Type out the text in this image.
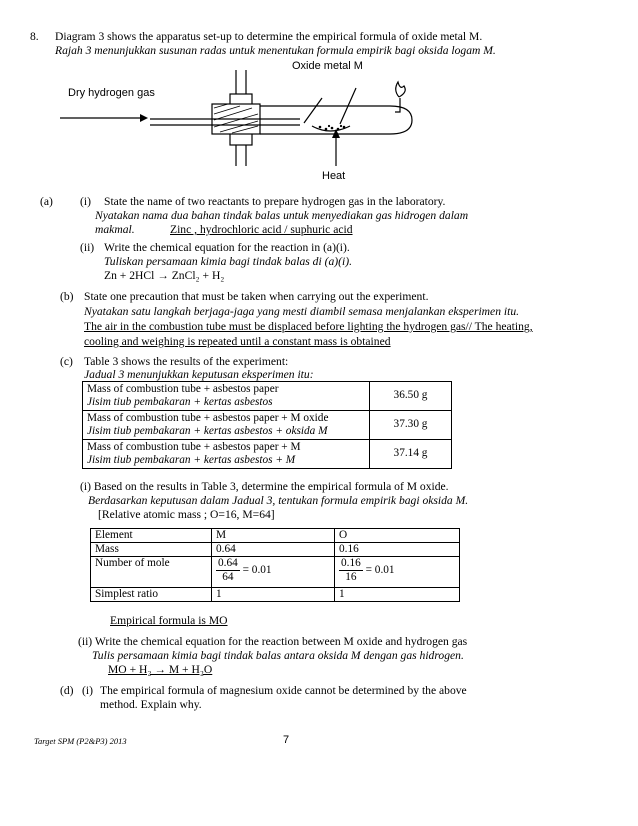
8. Diagram 3 shows the apparatus set-up to determine the empirical formula of oxide metal M.
Rajah 3 menunjukkan susunan radas untuk menentukan formula empirik bagi oksida logam M.
Oxide metal M
Dry hydrogen gas
Heat
(a) (i) State the name of two reactants to prepare hydrogen gas in the laboratory.
Nyatakan nama dua bahan tindak balas untuk menyediakan gas hidrogen dalam
makmal.	Zinc , hydrochloric acid / suphuric acid
(ii) Write the chemical equation for the reaction in (a)(i).
Tuliskan persamaan kimia bagi tindak balas di (a)(i).
Zn + 2HCl → ZnCl₂ + H₂
(b) State one precaution that must be taken when carrying out the experiment.
Nyatakan satu langkah berjaga-jaga yang mesti diambil semasa menjalankan eksperimen itu.
The air in the combustion tube must be displaced before lighting the hydrogen gas// The heating,
cooling and weighing is repeated until a constant mass is obtained
(c) Table 3 shows the results of the experiment:
Jadual 3 menunjukkan keputusan eksperimen itu:
Mass of combustion tube + asbestos paper
Jisim tiub pembakaran + kertas asbestos	36.50 g
Mass of combustion tube + asbestos paper + M oxide
Jisim tiub pembakaran + kertas asbestos + oksida M	37.30 g
Mass of combustion tube + asbestos paper + M
Jisim tiub pembakaran + kertas asbestos + M	37.14 g
(i) Based on the results in Table 3, determine the empirical formula of M oxide.
Berdasarkan keputusan dalam Jadual 3, tentukan formula empirik bagi oksida M.
[Relative atomic mass ; O=16, M=64]
Element	M	O
Mass	0.64	0.16
Number of mole	$\frac{0.64}{64} = 0.01$	$\frac{0.16}{16} = 0.01$
Simplest ratio	1	1
Empirical formula is MO
(ii) Write the chemical equation for the reaction between M oxide and hydrogen gas
Tulis persamaan kimia bagi tindak balas antara oksida M dengan gas hidrogen.
MO + H₂ → M + H₂O
(d) (i) The empirical formula of magnesium oxide cannot be determined by the above
method. Explain why.
Target SPM (P2&P3) 2013	7
